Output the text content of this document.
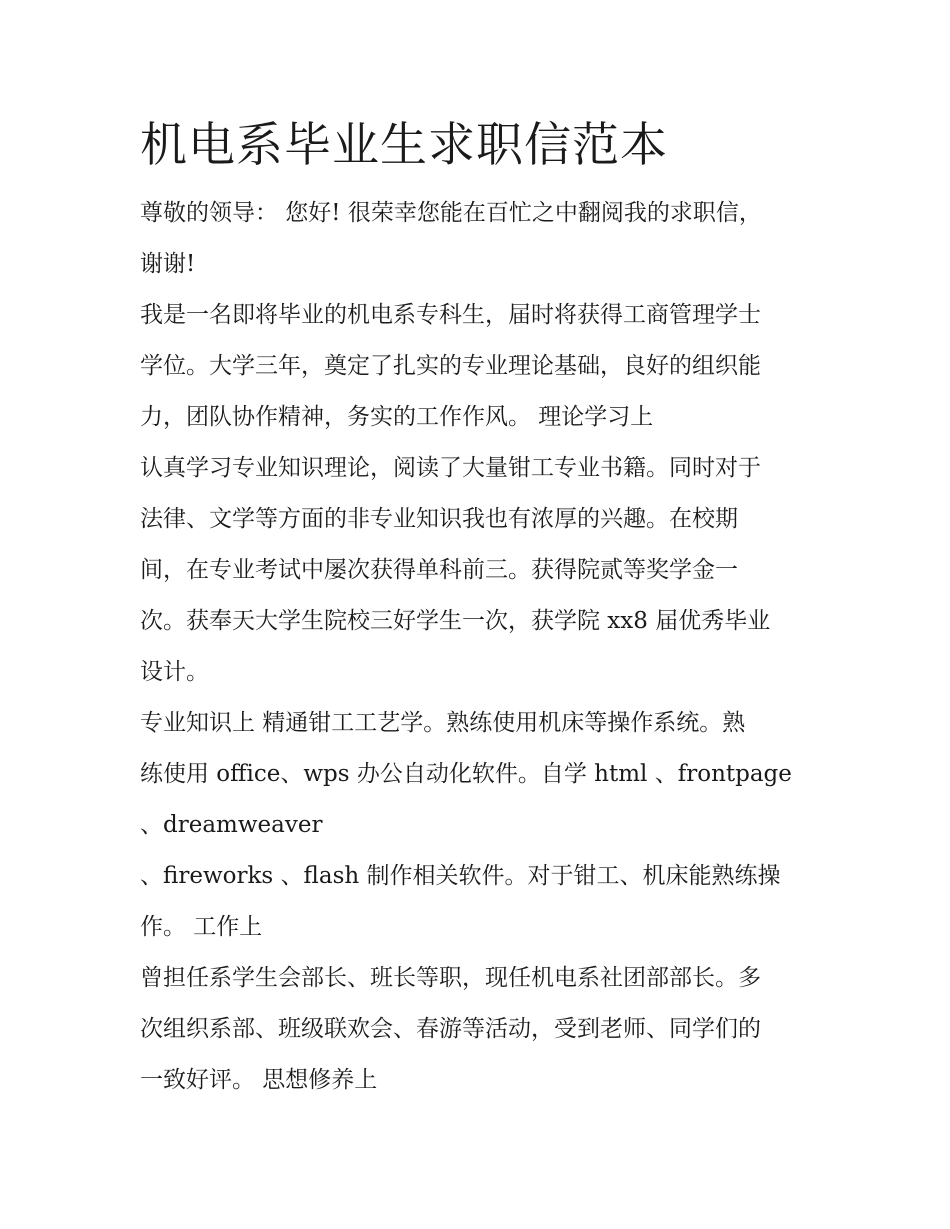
机电系毕业生求职信范本
尊敬的领导： 您好! 很荣幸您能在百忙之中翻阅我的求职信，
谢谢!
我是一名即将毕业的机电系专科生，届时将获得工商管理学士
学位。大学三年，奠定了扎实的专业理论基础，良好的组织能
力，团队协作精神，务实的工作作风。 理论学习上
认真学习专业知识理论，阅读了大量钳工专业书籍。同时对于
法律、文学等方面的非专业知识我也有浓厚的兴趣。在校期
间，在专业考试中屡次获得单科前三。获得院贰等奖学金一
次。获奉天大学生院校三好学生一次，获学院 xx8 届优秀毕业
设计。
专业知识上 精通钳工工艺学。熟练使用机床等操作系统。熟
练使用 office、wps 办公自动化软件。自学 html 、frontpage
、dreamweaver
、fireworks 、flash 制作相关软件。对于钳工、机床能熟练操
作。 工作上
曾担任系学生会部长、班长等职，现任机电系社团部部长。多
次组织系部、班级联欢会、春游等活动，受到老师、同学们的
一致好评。 思想修养上
